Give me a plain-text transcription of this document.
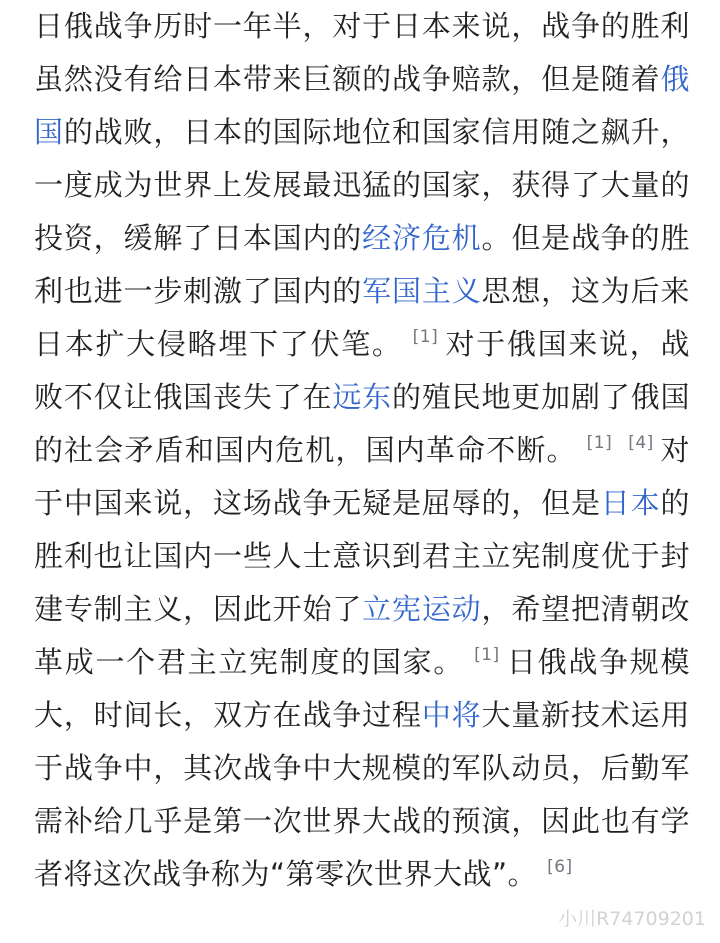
日俄战争历时一年半，对于日本来说，战争的胜利虽然没有给日本带来巨额的战争赔款，但是随着俄国的战败，日本的国际地位和国家信用随之飙升，一度成为世界上发展最迅猛的国家，获得了大量的投资，缓解了日本国内的经济危机。但是战争的胜利也进一步刺激了国内的军国主义思想，这为后来日本扩大侵略埋下了伏笔。 [1] 对于俄国来说，战败不仅让俄国丧失了在远东的殖民地更加剧了俄国的社会矛盾和国内危机，国内革命不断。 [1] [4] 对于中国来说，这场战争无疑是屈辱的，但是日本的胜利也让国内一些人士意识到君主立宪制度优于封建专制主义，因此开始了立宪运动，希望把清朝改革成一个君主立宪制度的国家。 [1] 日俄战争规模大，时间长，双方在战争过程中将大量新技术运用于战争中，其次战争中大规模的军队动员，后勤军需补给几乎是第一次世界大战的预演，因此也有学者将这次战争称为“第零次世界大战”。 [6]

小川R74709201
